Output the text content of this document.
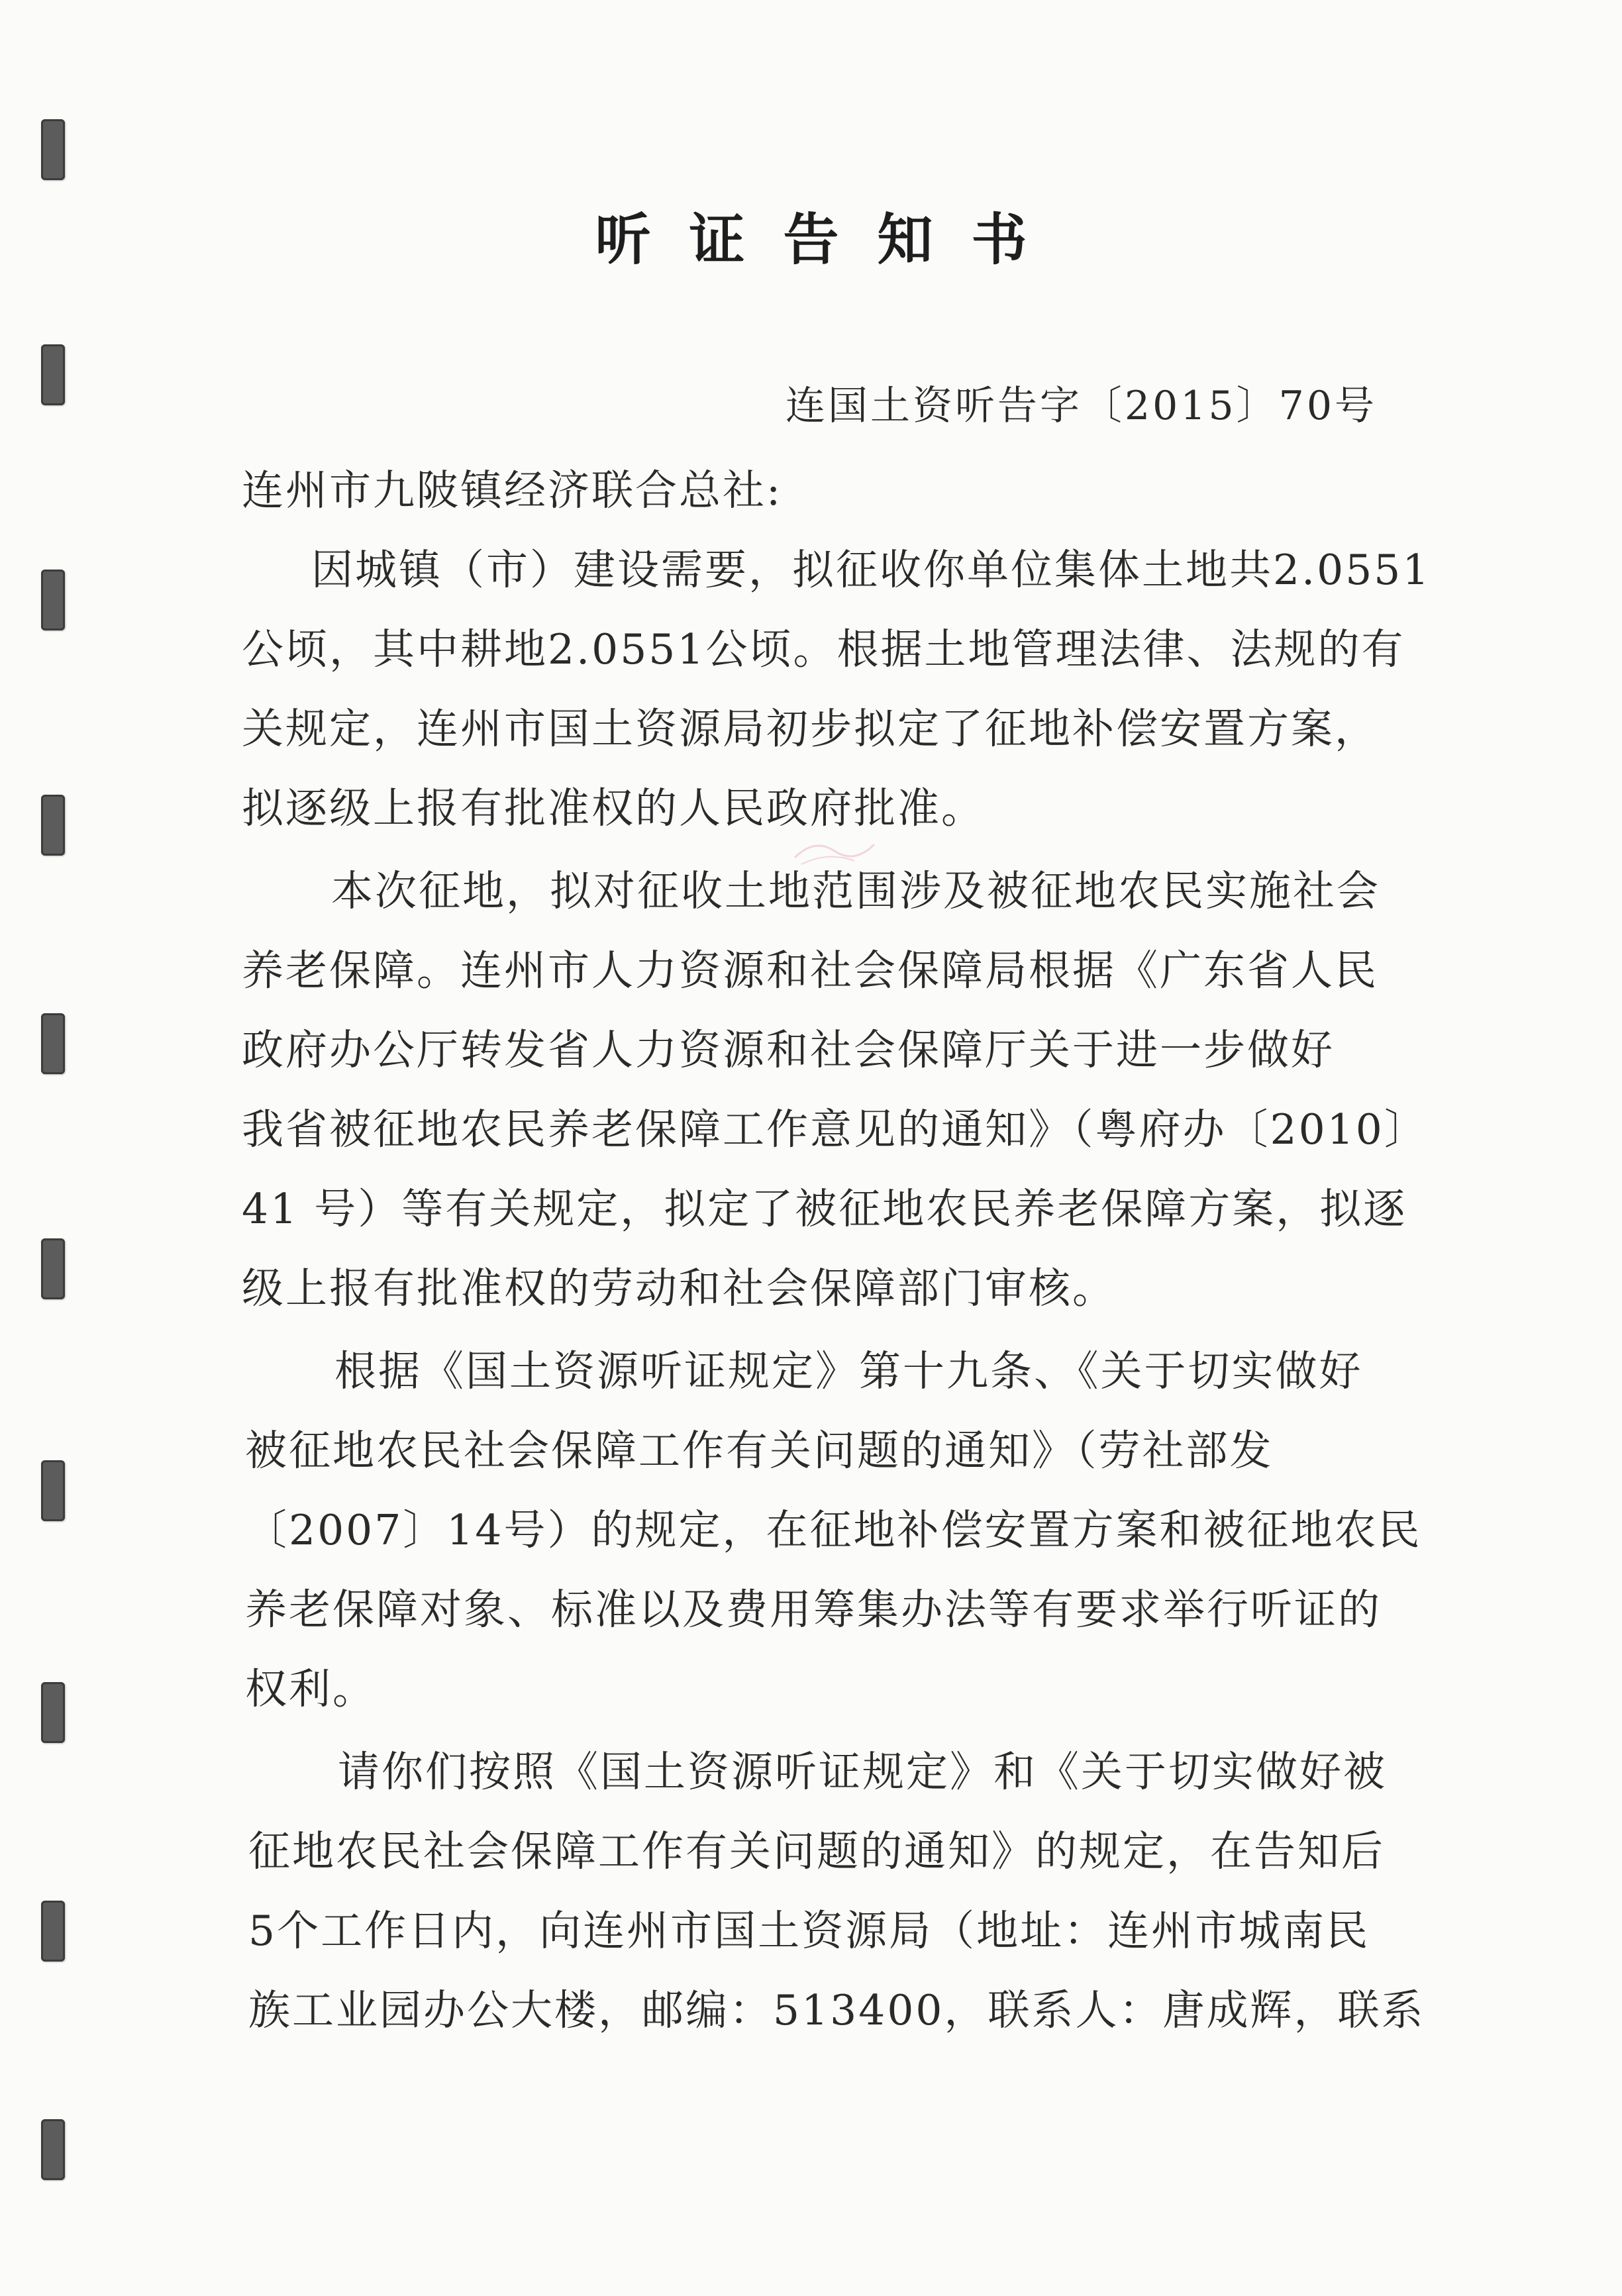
听证告知书
连国土资听告字〔2015〕70号
连州市九陂镇经济联合总社:
因城镇（市）建设需要，拟征收你单位集体土地共2.0551
公顷，其中耕地2.0551公顷。根据土地管理法律、法规的有
关规定，连州市国土资源局初步拟定了征地补偿安置方案，
拟逐级上报有批准权的人民政府批准。
本次征地，拟对征收土地范围涉及被征地农民实施社会
养老保障。连州市人力资源和社会保障局根据《广东省人民
政府办公厅转发省人力资源和社会保障厅关于进一步做好
我省被征地农民养老保障工作意见的通知》（粤府办〔2010〕
41 号）等有关规定，拟定了被征地农民养老保障方案，拟逐
级上报有批准权的劳动和社会保障部门审核。
根据《国土资源听证规定》第十九条、《关于切实做好
被征地农民社会保障工作有关问题的通知》（劳社部发
〔2007〕14号）的规定，在征地补偿安置方案和被征地农民
养老保障对象、标准以及费用筹集办法等有要求举行听证的
权利。
请你们按照《国土资源听证规定》和《关于切实做好被
征地农民社会保障工作有关问题的通知》的规定，在告知后
5个工作日内，向连州市国土资源局（地址：连州市城南民
族工业园办公大楼，邮编：513400，联系人：唐成辉，联系
